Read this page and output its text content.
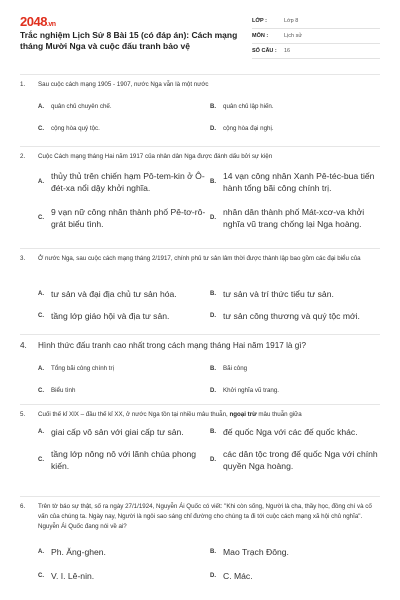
2048.vn
Trắc nghiệm Lịch Sử 8 Bài 15 (có đáp án): Cách mạng tháng Mười Nga và cuộc đấu tranh bảo vệ
LỚP :	Lớp 8
MÔN :	Lịch sử
SỐ CÂU :	16
1.	Sau cuộc cách mạng 1905 - 1907, nước Nga vẫn là một nước
A.	quân chủ chuyên chế.	B.	quân chủ lập hiến.
C.	cộng hòa quý tộc.	D.	cộng hòa đại nghị.
2.	Cuộc Cách mạng tháng Hai năm 1917 của nhân dân Nga được đánh dấu bởi sự kiện
A.
thủy thủ trên chiến hạm Pô-tem-kin ở Ô-đét-xa nổi dậy khởi nghĩa.
B.
14 vạn công nhân Xanh Pê-téc-bua tiến hành tổng bãi công chính trị.
C.
9 vạn nữ công nhân thành phố Pê-tơ-rô-grát biểu tình.
D.
nhân dân thành phố Mát-xcơ-va khởi nghĩa vũ trang chống lại Nga hoàng.
3.	Ở nước Nga, sau cuộc cách mạng tháng 2/1917, chính phủ tư sản lâm thời được thành lập bao gồm các đại biểu của
A. tư sản và đại địa chủ tư sản hóa.	B. tư sản và trí thức tiểu tư sản.
C. tầng lớp giáo hội và địa tư sản.	D. tư sản công thương và quý tộc mới.
4.	Hình thức đấu tranh cao nhất trong cách mạng tháng Hai năm 1917 là gì?
A.	Tổng bãi công chính trị	B.	Bãi công
C.	Biểu tình	D.	Khởi nghĩa vũ trang.
5.	Cuối thế kỉ XIX – đầu thế kỉ XX, ở nước Nga tồn tại nhiều mâu thuẫn, ngoại trừ mâu thuẫn giữa
A. giai cấp vô sản với giai cấp tư sản.	B. đế quốc Nga với các đế quốc khác.
C.
tầng lớp nông nô với lãnh chúa phong kiến.
D.
các dân tộc trong đế quốc Nga với chính quyền Nga hoàng.
6.	Trên tờ báo sự thật, số ra ngày 27/1/1924, Nguyễn Ái Quốc có viết: "Khi còn sống, Người là cha, thầy học, đồng chí và cố vấn của chúng ta. Ngày nay, Người là ngôi sao sáng chỉ đường cho chúng ta đi tới cuộc cách mạng xã hội chủ nghĩa". Nguyễn Ái Quốc đang nói về ai?
A. Ph. Ăng-ghen.	B. Mao Trạch Đông.
C. V. I. Lê-nin.	D. C. Mác.
